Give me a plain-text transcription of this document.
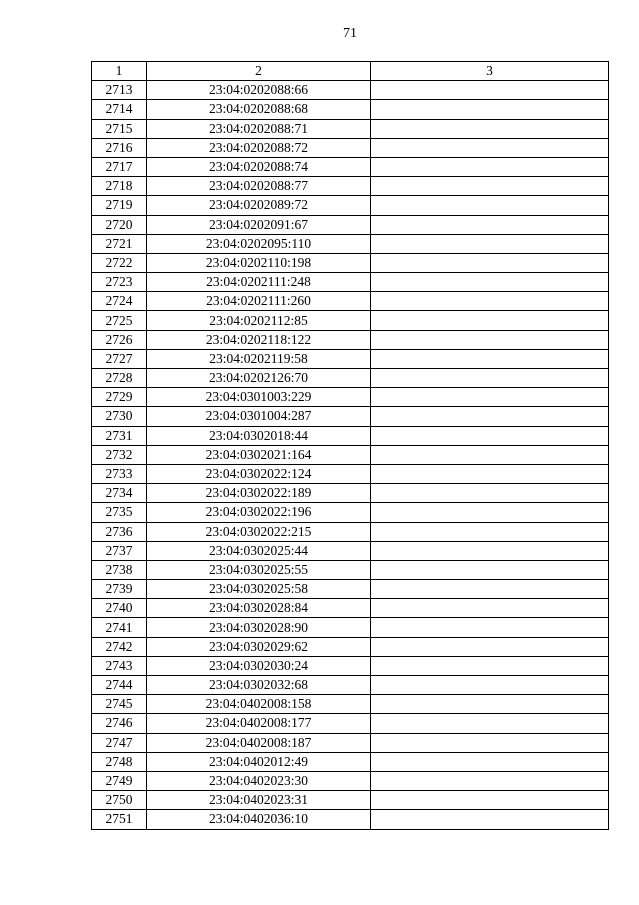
71
1	2	3
2713	23:04:0202088:66	
2714	23:04:0202088:68	
2715	23:04:0202088:71	
2716	23:04:0202088:72	
2717	23:04:0202088:74	
2718	23:04:0202088:77	
2719	23:04:0202089:72	
2720	23:04:0202091:67	
2721	23:04:0202095:110	
2722	23:04:0202110:198	
2723	23:04:0202111:248	
2724	23:04:0202111:260	
2725	23:04:0202112:85	
2726	23:04:0202118:122	
2727	23:04:0202119:58	
2728	23:04:0202126:70	
2729	23:04:0301003:229	
2730	23:04:0301004:287	
2731	23:04:0302018:44	
2732	23:04:0302021:164	
2733	23:04:0302022:124	
2734	23:04:0302022:189	
2735	23:04:0302022:196	
2736	23:04:0302022:215	
2737	23:04:0302025:44	
2738	23:04:0302025:55	
2739	23:04:0302025:58	
2740	23:04:0302028:84	
2741	23:04:0302028:90	
2742	23:04:0302029:62	
2743	23:04:0302030:24	
2744	23:04:0302032:68	
2745	23:04:0402008:158	
2746	23:04:0402008:177	
2747	23:04:0402008:187	
2748	23:04:0402012:49	
2749	23:04:0402023:30	
2750	23:04:0402023:31	
2751	23:04:0402036:10	
